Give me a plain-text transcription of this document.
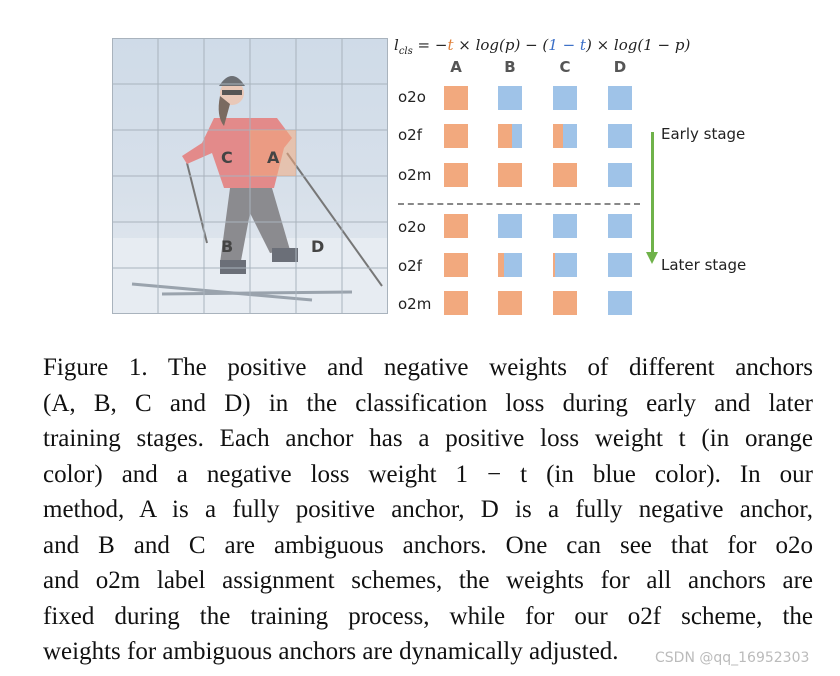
C A
B	D
$l_{cls} = -t \times \log(p) - (1 - t) \times \log(1 - p)$
A	B	C	D
o2o
o2f
o2m
o2o
o2f
o2m
Early stage
Later stage
Figure 1. The positive and negative weights of different anchors
(A, B, C and D) in the classification loss during early and later
training stages. Each anchor has a positive loss weight t (in orange
color) and a negative loss weight 1 − t (in blue color). In our
method, A is a fully positive anchor, D is a fully negative anchor,
and B and C are ambiguous anchors. One can see that for o2o
and o2m label assignment schemes, the weights for all anchors are
fixed during the training process, while for our o2f scheme, the
weights for ambiguous anchors are dynamically adjusted.	CSDN @qq_16952303
